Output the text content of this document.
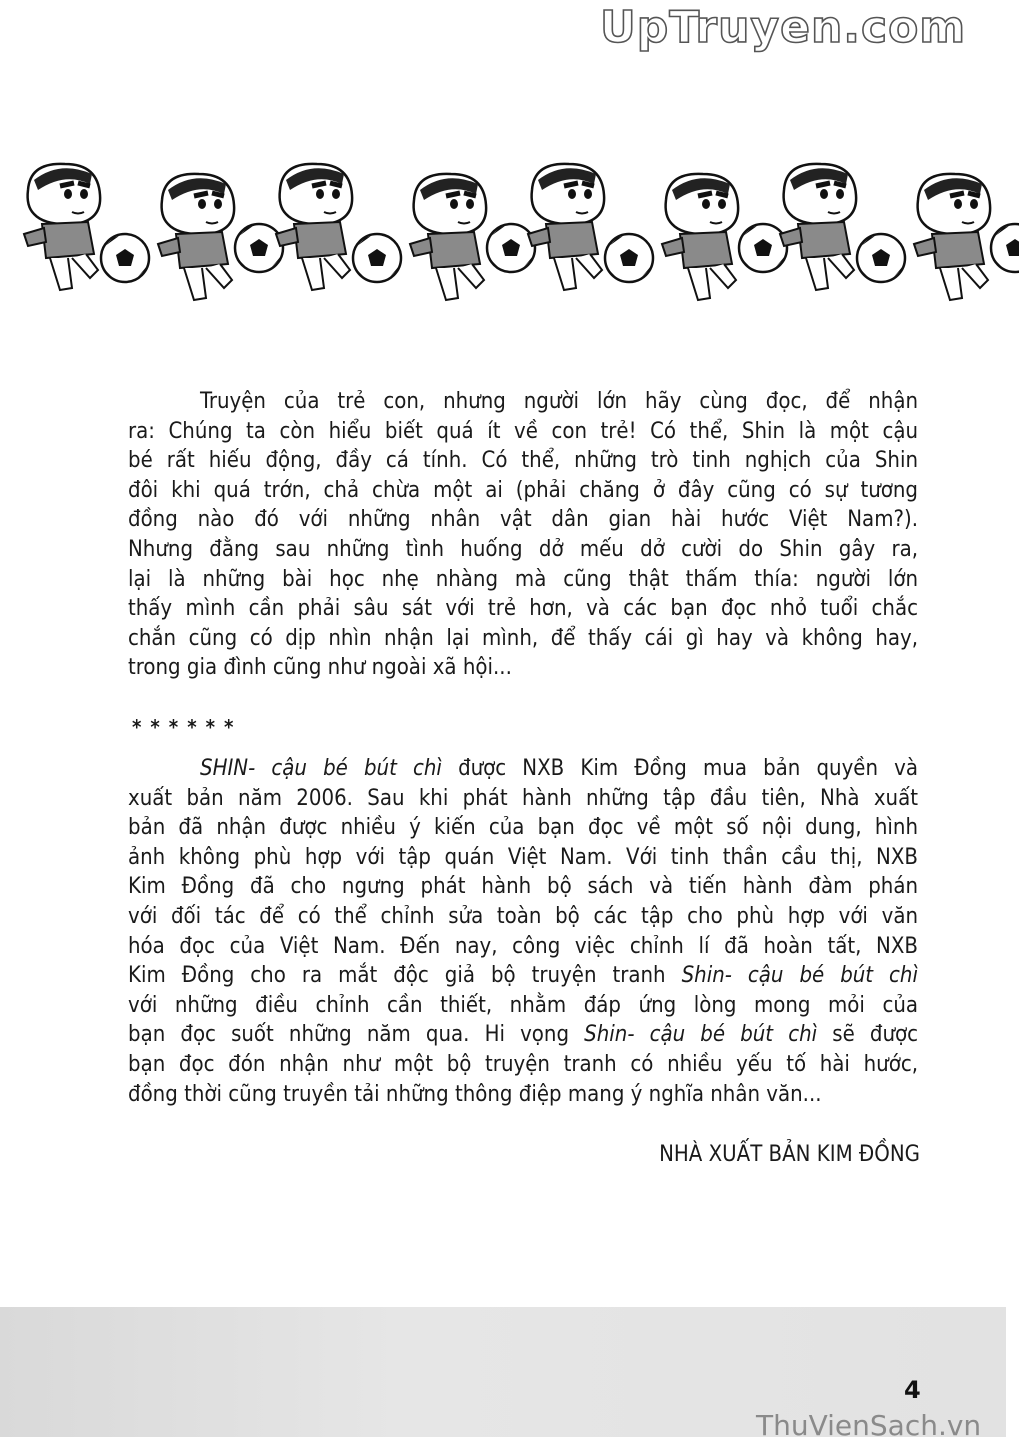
UpTruyen.com
Truyện của trẻ con, nhưng người lớn hãy cùng đọc, để nhận
ra: Chúng ta còn hiểu biết quá ít về con trẻ! Có thể, Shin là một cậu
bé rất hiếu động, đầy cá tính. Có thể, những trò tinh nghịch của Shin
đôi khi quá trớn, chả chừa một ai (phải chăng ở đây cũng có sự tương
đồng nào đó với những nhân vật dân gian hài hước Việt Nam?).
Nhưng đằng sau những tình huống dở mếu dở cười do Shin gây ra,
lại là những bài học nhẹ nhàng mà cũng thật thấm thía: người lớn
thấy mình cần phải sâu sát với trẻ hơn, và các bạn đọc nhỏ tuổi chắc
chắn cũng có dịp nhìn nhận lại mình, để thấy cái gì hay và không hay,
trong gia đình cũng như ngoài xã hội...
******
SHIN- cậu bé bút chì được NXB Kim Đồng mua bản quyền và
xuất bản năm 2006. Sau khi phát hành những tập đầu tiên, Nhà xuất
bản đã nhận được nhiều ý kiến của bạn đọc về một số nội dung, hình
ảnh không phù hợp với tập quán Việt Nam. Với tinh thần cầu thị, NXB
Kim Đồng đã cho ngưng phát hành bộ sách và tiến hành đàm phán
với đối tác để có thể chỉnh sửa toàn bộ các tập cho phù hợp với văn
hóa đọc của Việt Nam. Đến nay, công việc chỉnh lí đã hoàn tất, NXB
Kim Đồng cho ra mắt độc giả bộ truyện tranh Shin- cậu bé bút chì
với những điều chỉnh cần thiết, nhằm đáp ứng lòng mong mỏi của
bạn đọc suốt những năm qua. Hi vọng Shin- cậu bé bút chì sẽ được
bạn đọc đón nhận như một bộ truyện tranh có nhiều yếu tố hài hước,
đồng thời cũng truyền tải những thông điệp mang ý nghĩa nhân văn...
NHÀ XUẤT BẢN KIM ĐỒNG
4
ThuVienSach.vn
